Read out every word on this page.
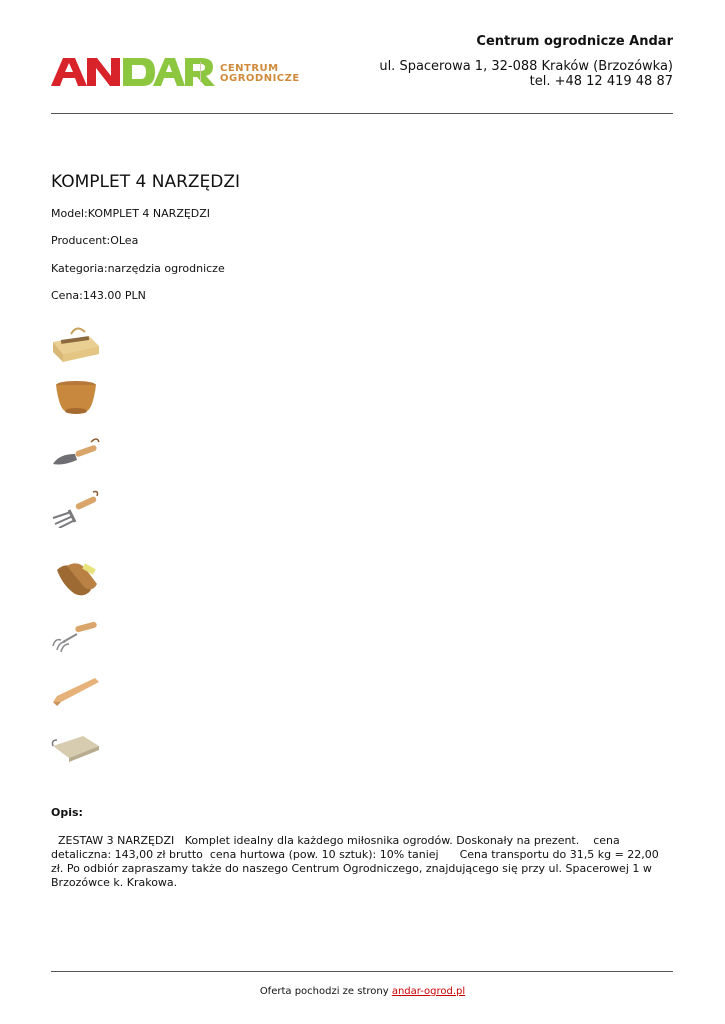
CENTRUM
OGRODNICZE
Centrum ogrodnicze Andar
ul. Spacerowa 1, 32-088 Kraków (Brzozówka)
tel. +48 12 419 48 87
KOMPLET 4 NARZĘDZI
Model:KOMPLET 4 NARZĘDZI
Producent:OLea
Kategoria:narzędzia ogrodnicze
Cena:143.00 PLN
Opis:
ZESTAW 3 NARZĘDZI   Komplet idealny dla każdego miłosnika ogrodów. Doskonały na prezent.    cena detaliczna: 143,00 zł brutto  cena hurtowa (pow. 10 sztuk): 10% taniej      Cena transportu do 31,5 kg = 22,00 zł. Po odbiór zapraszamy także do naszego Centrum Ogrodniczego, znajdującego się przy ul. Spacerowej 1 w Brzozówce k. Krakowa.
Oferta pochodzi ze strony andar-ogrod.pl
